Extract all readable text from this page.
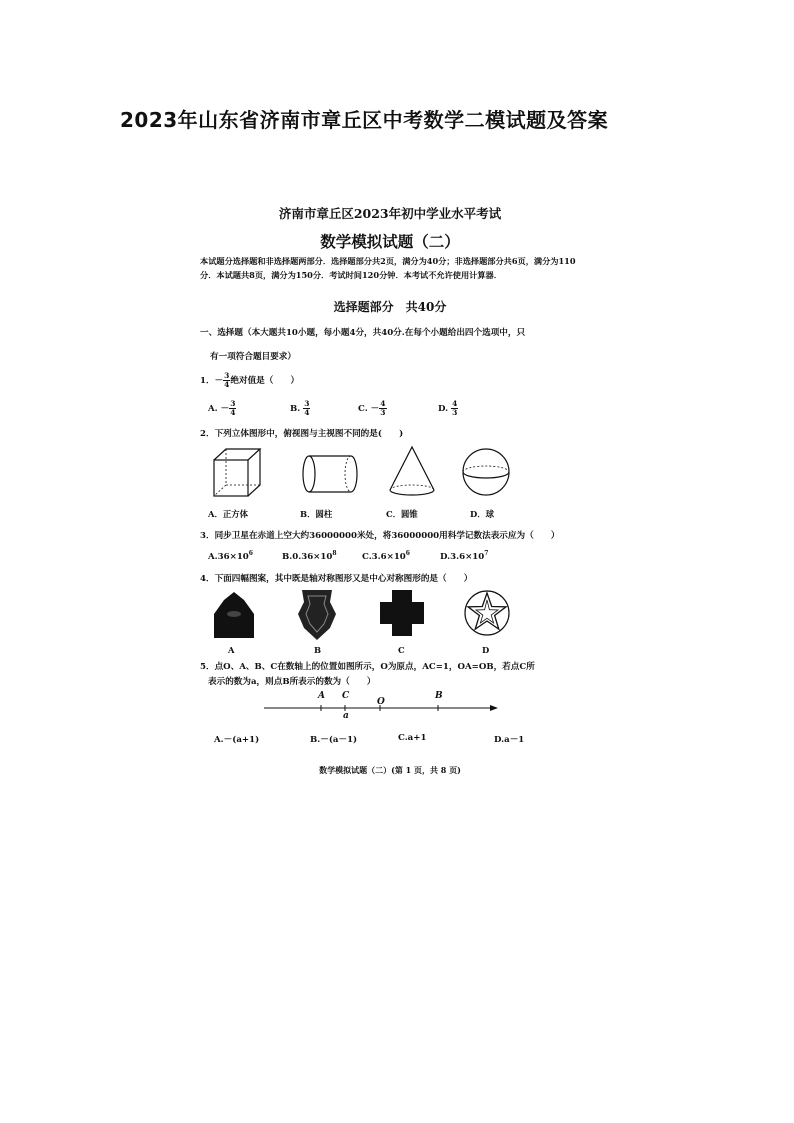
2023年山东省济南市章丘区中考数学二模试题及答案
济南市章丘区2023年初中学业水平考试
数学模拟试题（二）
本试题分选择题和非选择题两部分．选择题部分共2页，满分为40分；非选择题部分共6页，满分为110分．本试题共8页，满分为150分．考试时间120分钟．本考试不允许使用计算器．
选择题部分　共40分
一、选择题（本大题共10小题，每小题4分，共40分.在每个小题给出四个选项中，只
有一项符合题目要求）
1．－ $\frac{3}{4}$ 绝对值是（　　）
A. － $\frac{3}{4}$	B. $\frac{3}{4}$	C. － $\frac{4}{3}$	D. $\frac{4}{3}$
2．下列立体图形中，俯视图与主视图不同的是(　　)
A．正方体	B．圆柱	C．圆锥	D．球
3．同步卫星在赤道上空大约36000000米处，将36000000用科学记数法表示应为（　　）
$A.36\times 10^6$	$B.0.36\times 10^8$	$C.3.6\times 10^6$	$D.3.6\times 10^7$
4．下面四幅图案，其中既是轴对称图形又是中心对称图形的是（　　）
A	B	C	D
5．点O、A、B、C在数轴上的位置如图所示，O为原点，AC=1，OA=OB，若点C所
表示的数为a，则点B所表示的数为（　　）
A C
O
B
a
A.－(a+1)	B.－(a－1)	C.a+1	D.a－1
数学模拟试题（二）(第 1 页，共 8 页)
